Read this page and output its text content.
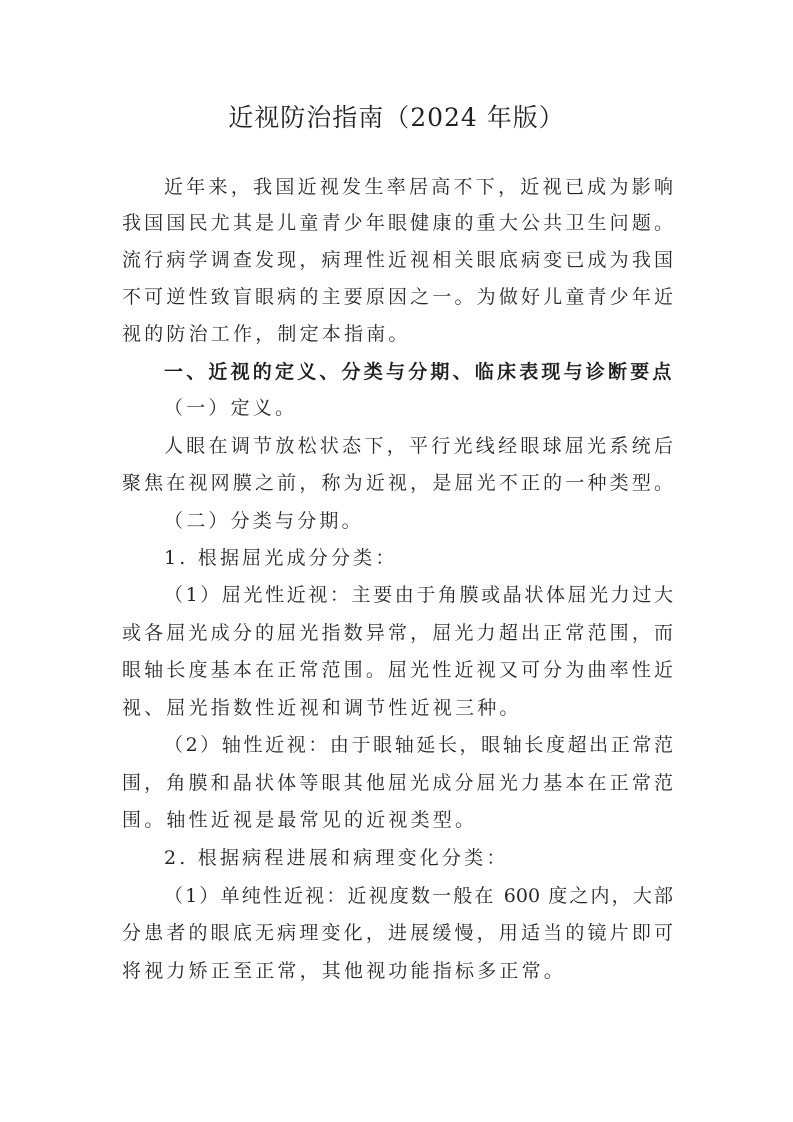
近视防治指南（2024 年版）
近年来，我国近视发生率居高不下，近视已成为影响
我国国民尤其是儿童青少年眼健康的重大公共卫生问题。
流行病学调查发现，病理性近视相关眼底病变已成为我国
不可逆性致盲眼病的主要原因之一。为做好儿童青少年近
视的防治工作，制定本指南。
一、近视的定义、分类与分期、临床表现与诊断要点
（一）定义。
人眼在调节放松状态下，平行光线经眼球屈光系统后
聚焦在视网膜之前，称为近视，是屈光不正的一种类型。
（二）分类与分期。
1. 根据屈光成分分类：
（1）屈光性近视：主要由于角膜或晶状体屈光力过大
或各屈光成分的屈光指数异常，屈光力超出正常范围，而
眼轴长度基本在正常范围。屈光性近视又可分为曲率性近
视、屈光指数性近视和调节性近视三种。
（2）轴性近视：由于眼轴延长，眼轴长度超出正常范
围，角膜和晶状体等眼其他屈光成分屈光力基本在正常范
围。轴性近视是最常见的近视类型。
2. 根据病程进展和病理变化分类：
（1）单纯性近视：近视度数一般在 600 度之内，大部
分患者的眼底无病理变化，进展缓慢，用适当的镜片即可
将视力矫正至正常，其他视功能指标多正常。
